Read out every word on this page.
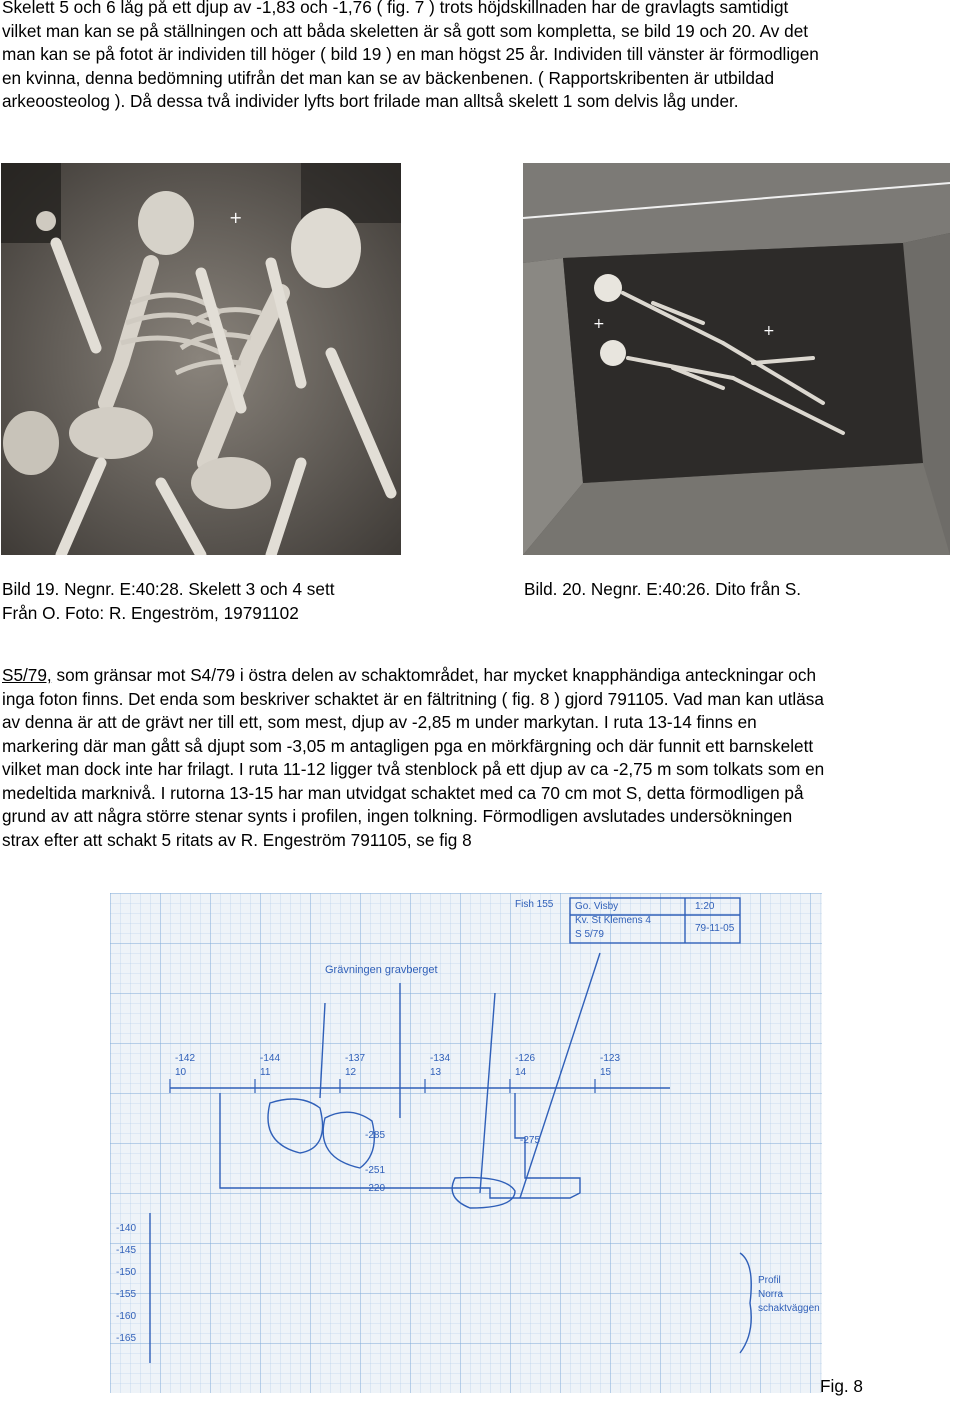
Skelett 5 och 6 låg på ett djup av -1,83 och -1,76 ( fig. 7 ) trots höjdskillnaden har de gravlagts samtidigt
vilket man kan se på ställningen och att båda skeletten är så gott som kompletta, se bild 19 och 20. Av det
man kan se på fotot är individen till höger ( bild 19 ) en man högst 25 år. Individen till vänster är förmodligen
en kvinna, denna bedömning utifrån det man kan se av bäckenbenen. ( Rapportskribenten är utbildad
arkeoosteolog ). Då dessa två individer lyfts bort frilade man alltså skelett 1 som delvis låg under.
+
+	+
Bild 19. Negnr. E:40:28. Skelett 3 och 4 sett
Från O. Foto: R. Engeström, 19791102
Bild. 20. Negnr. E:40:26. Dito från S.
S5/79, som gränsar mot S4/79 i östra delen av schaktområdet, har mycket knapphändiga anteckningar och
inga foton finns. Det enda som beskriver schaktet är en fältritning ( fig. 8 ) gjord 791105. Vad man kan utläsa
av denna är att de grävt ner till ett, som mest, djup av -2,85 m under markytan. I ruta 13-14 finns en
markering där man gått så djupt som -3,05 m antagligen pga en mörkfärgning och där funnit ett barnskelett
vilket man dock inte har frilagt. I ruta 11-12 ligger två stenblock på ett djup av ca -2,75 m som tolkats som en
medeltida marknivå. I rutorna 13-15 har man utvidgat schaktet med ca 70 cm mot S, detta förmodligen på
grund av att några större stenar synts i profilen, ingen tolkning. Förmodligen avslutades undersökningen
strax efter att schakt 5 ritats av R. Engeström 791105, se fig 8
Go. Visby
Kv. St Klemens 4
S 5/79
1:20
79-11-05
Fish 155
-142	-144	-137	-134	-126	-123
10	11	12	13	14	15
-140
-145
-150
-155
-160
-165
Grävningen gravberget
Profil
Norra
schaktväggen
-285
-251
-220
-275
Fig. 8
